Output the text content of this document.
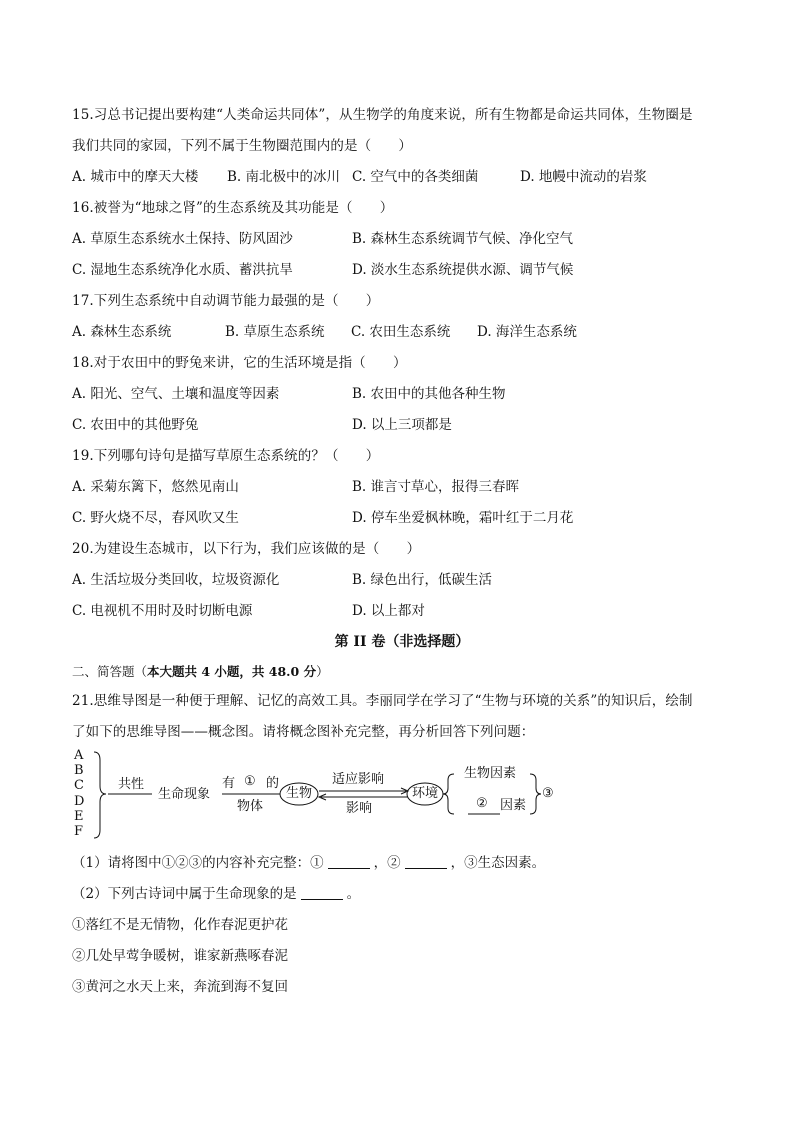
15.习总书记提出要构建“人类命运共同体”，从生物学的角度来说，所有生物都是命运共同体，生物圈是
我们共同的家园，下列不属于生物圈范围内的是（　　）
A. 城市中的摩天大楼	B. 南北极中的冰川 C. 空气中的各类细菌	D. 地幔中流动的岩浆
16.被誉为“地球之肾”的生态系统及其功能是（　　）
A. 草原生态系统水土保持、防风固沙	B. 森林生态系统调节气候、净化空气
C. 湿地生态系统净化水质、蓄洪抗旱	D. 淡水生态系统提供水源、调节气候
17.下列生态系统中自动调节能力最强的是（　　）
A. 森林生态系统	B. 草原生态系统	C. 农田生态系统	D. 海洋生态系统
18.对于农田中的野兔来讲，它的生活环境是指（　　）
A. 阳光、空气、土壤和温度等因素	B. 农田中的其他各种生物
C. 农田中的其他野兔	D. 以上三项都是
19.下列哪句诗句是描写草原生态系统的？（　　）
A. 采菊东篱下，悠然见南山	B. 谁言寸草心，报得三春晖
C. 野火烧不尽，春风吹又生	D. 停车坐爱枫林晚，霜叶红于二月花
20.为建设生态城市，以下行为，我们应该做的是（　　）
A. 生活垃圾分类回收，垃圾资源化	B. 绿色出行，低碳生活
C. 电视机不用时及时切断电源	D. 以上都对
第 II 卷（非选择题）
二、简答题（本大题共 4 小题，共 48.0 分）
21.思维导图是一种便于理解、记忆的高效工具。李丽同学在学习了“生物与环境的关系”的知识后，绘制
了如下的思维导图——概念图。请将概念图补充完整，再分析回答下列问题：
A
B
C
D
E
F
共性
生命现象
有 ① 的
物体
生物
适应影响
影响
环境
生物因素
② 因素
③
（1）请将图中①②③的内容补充完整：①	，②	，③生态因素。
（2）下列古诗词中属于生命现象的是	。
①落红不是无情物，化作春泥更护花
②几处早莺争暖树，谁家新燕啄春泥
③黄河之水天上来，奔流到海不复回
